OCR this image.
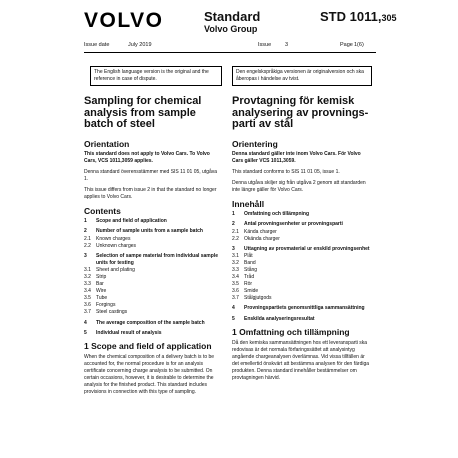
VOLVO	Standard
Volvo Group
STD 1011,305
Issue date	July 2019	Issue	3	Page 1(6)
The English language version is the original and the reference in case of dispute.
Den engelskspråkiga versionen är originalversion och ska åberopas i händelse av tvist.
Sampling for chemical analysis from sample batch of steel
Orientation
This standard does not apply to Volvo Cars. To Volvo Cars, VCS 1011,3059 applies.
Denna standard överensstämmer med SIS 11 01 05, utgåva 1.
This issue differs from issue 2 in that the standard no longer applies to Volvo Cars.
Contents
1	Scope and field of application
2	Number of sample units from a sample batch
2.1	Known charges
2.2	Unknown charges
3	Selection of sampe material from individual sample units for testing
3.1	Sheet and plating
3.2	Strip
3.3	Bar
3.4	Wire
3.5	Tube
3.6	Forgings
3.7	Steel castings
4	The average composition of the sample batch
5	Individual result of analysis
1 Scope and field of application
When the chemical composition of a delivery batch is to be accounted for, the normal procedure is for an analysis certificate concerning charge analysis to be submitted. On certain occasions, however, it is desirable to determine the analysis for the finished product. This standard includes provisions in connection with this type of sampling.
Provtagning för kemisk analysering av provnings-parti av stål
Orientering
Denna standard gäller inte inom Volvo Cars. För Volvo Cars gäller VCS 1011,3059.
This standard conforms to SIS 11 01 05, issue 1.
Denna utgåva skiljer sig från utgåva 2 genom att standarden inte längre gäller för Volvo Cars.
Innehåll
1	Omfattning och tillämpning
2	Antal provningsenheter ur provningsparti
2.1	Kända charger
2.2	Okända charger
3	Uttagning av provmaterial ur enskild provningsenhet
3.1	Plåt
3.2	Band
3.3	Stång
3.4	Tråd
3.5	Rör
3.6	Smide
3.7	Stålgjutgods
4	Provningspartiets genomsnittliga sammansättning
5	Enskilda analyseringsresultat
1 Omfattning och tillämpning
Då den kemiska sammansättningen hos ett leveransparti ska redovisas är det normala förfaringssättet att analysintyg angående chargeanalysen överlämnas. Vid vissa tillfällen är det emellertid önskvärt att bestämma analysen för den färdiga produkten. Denna standard innehåller bestämmelser om provtagningen härvid.
